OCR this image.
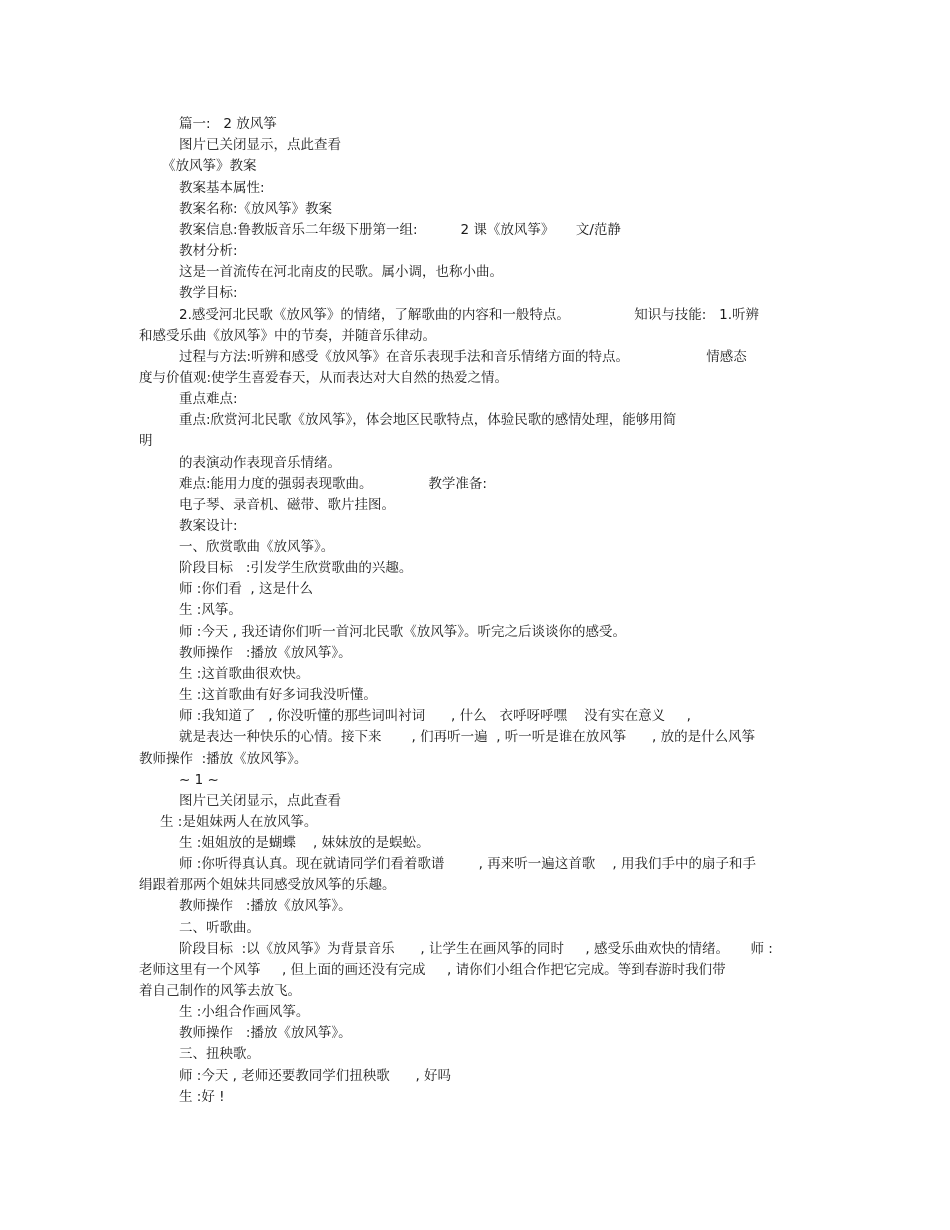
篇一:   2 放风筝
图片已关闭显示，点此查看
《放风筝》教案
教案基本属性:
教案名称:《放风筝》教案
教案信息:鲁教版音乐二年级下册第一组:          2 课《放风筝》     文/范静
教材分析:
这是一首流传在河北南皮的民歌。属小调，也称小曲。
教学目标:
2.感受河北民歌《放风筝》的情绪，了解歌曲的内容和一般特点。               知识与技能:   1.听辨
和感受乐曲《放风筝》中的节奏，并随音乐律动。
过程与方法:听辨和感受《放风筝》在音乐表现手法和音乐情绪方面的特点。                  情感态
度与价值观:使学生喜爱春天，从而表达对大自然的热爱之情。
重点难点:
重点:欣赏河北民歌《放风筝》，体会地区民歌特点，体验民歌的感情处理，能够用简
明
的表演动作表现音乐情绪。
难点:能用力度的强弱表现歌曲。             教学准备:
电子琴、录音机、磁带、歌片挂图。
教案设计:
一、欣赏歌曲《放风筝》。
阶段目标   :引发学生欣赏歌曲的兴趣。
师 :你们看  , 这是什么
生 :风筝。
师 :今天 , 我还请你们听一首河北民歌《放风筝》。听完之后谈谈你的感受。
教师操作   :播放《放风筝》。
生 :这首歌曲很欢快。
生 :这首歌曲有好多词我没听懂。
师 :我知道了   , 你没听懂的那些词叫衬词      , 什么   衣呼呀呼嘿    没有实在意义     ,
就是表达一种快乐的心情。接下来       , 们再听一遍  , 听一听是谁在放风筝      , 放的是什么风筝
教师操作  :播放《放风筝》。
~ 1 ~
图片已关闭显示，点此查看
生 :是姐妹两人在放风筝。
生 :姐姐放的是蝴蝶    , 妹妹放的是蜈蚣。
师 :你听得真认真。现在就请同学们看着歌谱        , 再来听一遍这首歌    , 用我们手中的扇子和手
绢跟着那两个姐妹共同感受放风筝的乐趣。
教师操作   :播放《放风筝》。
二、听歌曲。
阶段目标  :以《放风筝》为背景音乐      , 让学生在画风筝的同时     , 感受乐曲欢快的情绪。     师 :
老师这里有一个风筝     , 但上面的画还没有完成     , 请你们小组合作把它完成。等到春游时我们带
着自己制作的风筝去放飞。
生 :小组合作画风筝。
教师操作   :播放《放风筝》。
三、扭秧歌。
师 :今天 , 老师还要教同学们扭秧歌      , 好吗
生 :好 !
